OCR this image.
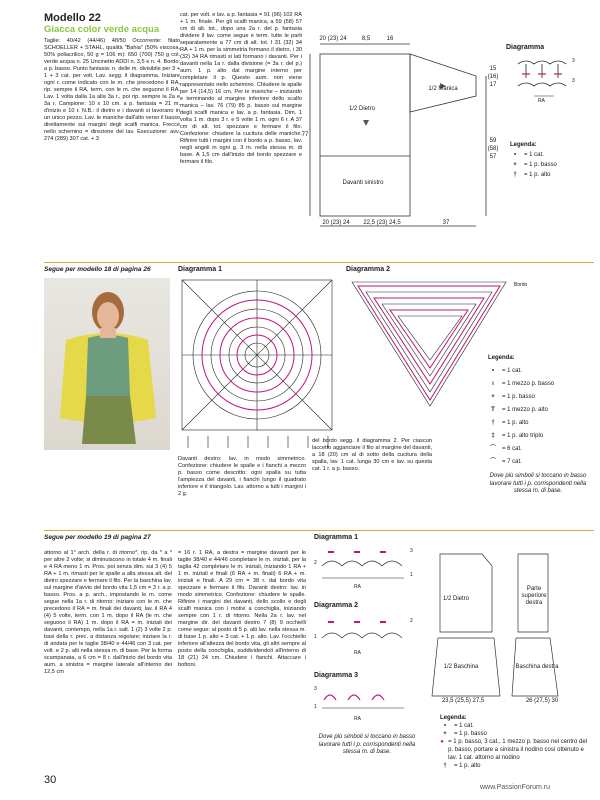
Modello 22
Giacca color verde acqua
Taglie: 40/42 (44/46) 48/50 Occorrente: filato SCHOELLER + STAHL, qualità "Bahia" (50% viscosa, 50% poliacrilico, 50 g = 106 m): 650 (700) 750 g col. verde acqua n. 25 Uncinetto ADDI n. 3,5 e n. 4. Bordo: a p. basso. Punto fantasia: n. delle m. divisibile per 3 + 1 + 3 cat. per volt. Lav. segg. il diagramma. Iniziare ogni r. come indicato con le m. che precedono il RA, rip. sempre il RA, term. con le m. che seguono il RA. Lav. 1 volta dalla 1a alla 3a r., poi rip. sempre la 2a e 3a r. Campione: 10 x 10 cm. a p. fantasia = 21 m. d'inizio e 10 r. N.B.: il dietro e i davanti si lavorano in un unico pezzo. Lav. le maniche dall'alto verso il basso direttamente sui margini degli scalfi manica. Frecce nello schemino = direzione del lav. Esecuzione: avv. 274 (289) 307 cat. + 3
cat. per volt. e lav. a p. fantasia = 91 (96) 102 RA + 1 m. finale. Per gli scalfi manica, a 59 (58) 57 cm di alt. tot., dopo una 2a r. del p. fantasia dividere il lav. come segue e term. tutte le parti separatamente a 77 cm di alt. tot. I 31 (32) 34 RA + 1 m. per la simmetria formano il dietro, i 30 (32) 34 RA rimasti si lati formano i davanti. Per i davanti nella 1a r. dalla divisione (= 3a r. del p.) aum. 1 p. alto dal margine interno per completare il p. Questo aum. non viene rappresentato nello schemino. Chiudere le spalle per 14 (14,5) 16 cm. Per le maniche – iniziando e terminando al margine inferiore dello scalfo manica – lav. 76 (79) 85 p. basso sul margine degli scalfi manica e lav. a p. fantasia. Dim. 1 volta 1 m. dopo 3 r. e 5 volte 1 m. ogni 6 r. A 37 cm di alt. tot. spezzare e fermare il filo. Confezione: chiudere la cucitura delle maniche. Rifinire tutti i margini con il bordo a p. basso, lav. negli angoli in ogni g. 3 m. nella stessa m. di base. A 1,5 cm dall'inizio del bordo spezzare e fermare il filo.
20 (23) 24	8,5	16
1/2 Manica
1/2 Dietro
Davanti sinistro
77
15
(16)
17
59
(58)
57
20 (23) 24	22,5 (23) 24,5	37
Diagramma
3
3
RA
Legenda:
•	= 1 cat.
+	= 1 p. basso
†	= 1 p. alto
Segue per modello 18 di pagina 26	Diagramma 1	Diagramma 2
Bordo
Legenda:
•	= 1 cat.
ı	= 1 mezzo p. basso
+	= 1 p. basso
T	= 1 mezzo p. alto
†	= 1 p. alto
‡	= 1 p. alto triplo
⌒	= 6 cat.
⌒	= 7 cat.
Dove più simboli si toccano in basso lavorare tutti i p. corrispondenti nella stessa m. di base.
Davanti destro: lav. in modo simmetrico. Confezione: chiudere le spalle e i fianchi a mezzo p. basso come descritto: ogni spalla su tutta l'ampiezza del davanti, i fianchi lungo il quadrato inferiore e il triangolo. Lav. attorno a tutti i margini i 2 g.
del bordo segg. il diagramma 2. Per ciascun laccetto agganciare il filo al margine del davanti, a 18 (20) cm al di sotto della cucitura della spalla, lav. 1 cat. lunga 30 cm e lav. su questa cat. 1 r. a p. basso.
Segue per modello 19 di pagina 27
attorno al 1° arch. della r. di ritorno*, rip. da * a * per altre 2 volte; si diminuiscono in totale 4 m. finali e 4 RA meno 1 m. Pros. poi senza dim. sui 3 (4) 5 RA + 1 m. rimasti per le spalle a alla stessa alt. del dietro spezzare e fermare il filo. Per la baschina lav. sul margine d'avvio del bordo vita 1,5 cm = 3 r. a p. basso. Pros. a p. arch., impostando le m. come segue nella 1a r. di ritorno: iniziare con le m. che precedono il RA = m. finali dei davanti, lav. il RA 4 (4) 5 volte, term. con 1 m. dopo il RA (le m. che seguono il RA) 1 m. dopo il RA = m. iniziali dei davanti, contempo, nella 1a r. salt. 1 (2) 3 volte 2 p. basi della r. prec. a distanza regolare; iniziare la r. di andata per le taglie 38/40 e 44/46 con 3 cat. per volt. e 2 p. alti nella stessa m. di base. Per la forma scampanata, a 6 cm = 8 r. dall'inizio del bordo vita aum. a sinistra = margine laterale all'interno dei 12,5 cm
= 16 r. 1 RA, a destra = margine davanti per le taglie 38/40 e 44/46 completare le m. iniziali, per la taglia 42 completare le m. iniziali, iniziando 1 RA + 1 m. iniziali e finali (6 RA + m. finali) 6 RA + m. iniziali e finali. A 29 cm = 38 r. dal bordo vita spezzare e fermare il filo. Davanti destro: lav. in modo simmetrico. Confezione: chiudere le spalle. Rifinire i margini dei davanti, dello scollo e degli scalfi manica con i motivi a conchiglia, iniziando sempre con 1 r. di ritorno. Nella 2a r. lav. nel margine dir. del davanti destro 7 (8) 9 occhielli come segue: al posto di 5 p. alti lav. nella stessa m. di base 1 p. alto + 3 cat. + 1 p. alto. Lav. l'occhiello inferiore all'altezza del bordo vita, gli altri sempre al posto della conchiglia, suddividendoli all'interno di 18 (21) 24 cm. Chiudere i fianchi. Attaccare i bottoni.
Diagramma 1
3
2
1
RA
Diagramma 2
2
1
RA
Diagramma 3
3
1
RA
Dove più simboli si toccano in basso lavorare tutti i p. corrispondenti nella stessa m. di base.
1/2 Dietro
1/2 Baschina
Parte superiore destra
Baschina destra
23,5 (25,5) 27,5	26 (27,5) 30
Legenda:
•	= 1 cat.
+	= 1 p. basso
● = 1 p. basso, 3 cat., 1 mezzo p. basso nel centro del p. basso, portare a sinistra il nodino così ottenuto e lav. 1 cat. attorno al nodino
†	= 1 p. alto
30
www.PassionForum.ru
